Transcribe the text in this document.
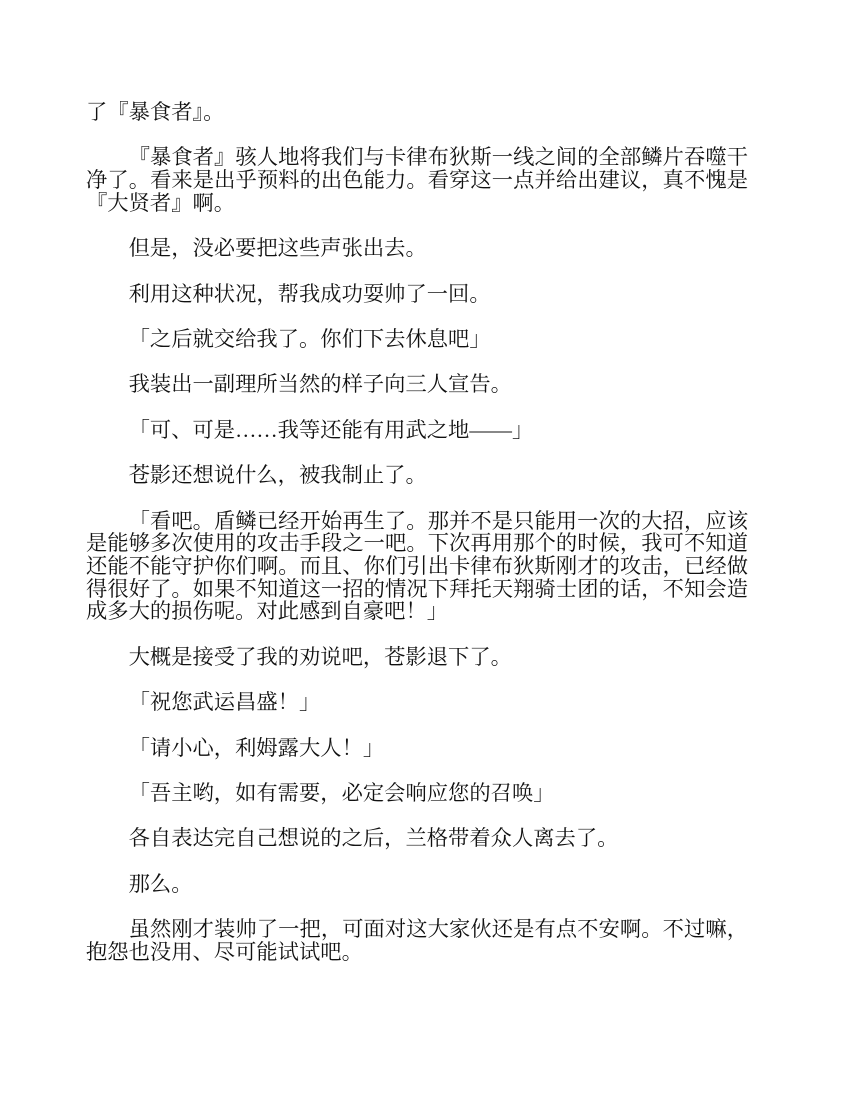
了『暴食者』。

『暴食者』骇人地将我们与卡律布狄斯一线之间的全部鳞片吞噬干净了。看来是出乎预料的出色能力。看穿这一点并给出建议，真不愧是『大贤者』啊。

但是，没必要把这些声张出去。

利用这种状况，帮我成功耍帅了一回。

「之后就交给我了。你们下去休息吧」

我装出一副理所当然的样子向三人宣告。

「可、可是……我等还能有用武之地——」

苍影还想说什么，被我制止了。

「看吧。盾鳞已经开始再生了。那并不是只能用一次的大招，应该是能够多次使用的攻击手段之一吧。下次再用那个的时候，我可不知道还能不能守护你们啊。而且、你们引出卡律布狄斯刚才的攻击，已经做得很好了。如果不知道这一招的情况下拜托天翔骑士团的话，不知会造成多大的损伤呢。对此感到自豪吧！」

大概是接受了我的劝说吧，苍影退下了。

「祝您武运昌盛！」

「请小心，利姆露大人！」

「吾主哟，如有需要，必定会响应您的召唤」

各自表达完自己想说的之后，兰格带着众人离去了。

那么。

虽然刚才装帅了一把，可面对这大家伙还是有点不安啊。不过嘛，抱怨也没用、尽可能试试吧。
